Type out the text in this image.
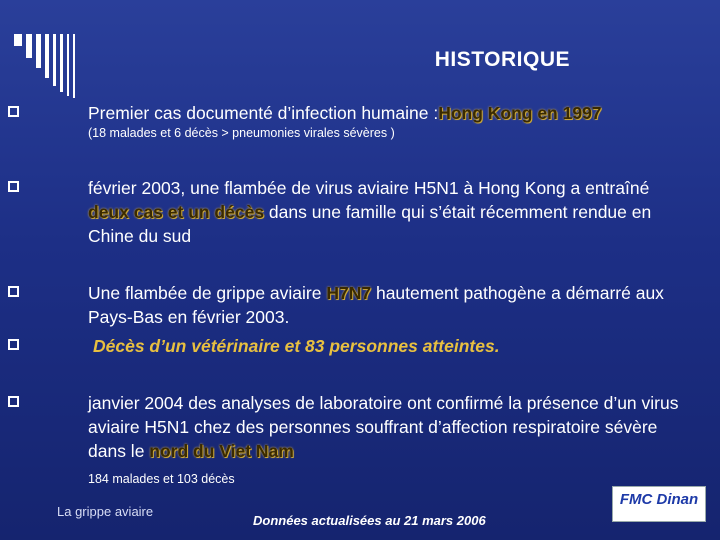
HISTORIQUE
Premier cas documenté d’infection humaine :Hong Kong en 1997
(18 malades et 6 décès > pneumonies virales sévères )
février 2003, une flambée de virus aviaire H5N1 à Hong Kong a entraîné deux cas et un décès dans une famille qui s’était récemment rendue en Chine du sud
Une flambée de grippe aviaire H7N7 hautement pathogène a démarré aux Pays-Bas en février 2003.
Décès d’un vétérinaire et 83 personnes atteintes.
janvier 2004 des analyses de laboratoire ont confirmé la présence d’un virus aviaire H5N1 chez des personnes souffrant d’affection respiratoire sévère dans le nord du Viet Nam
184 malades et 103 décès
La grippe aviaire
Données actualisées au 21 mars 2006
FMC Dinan
